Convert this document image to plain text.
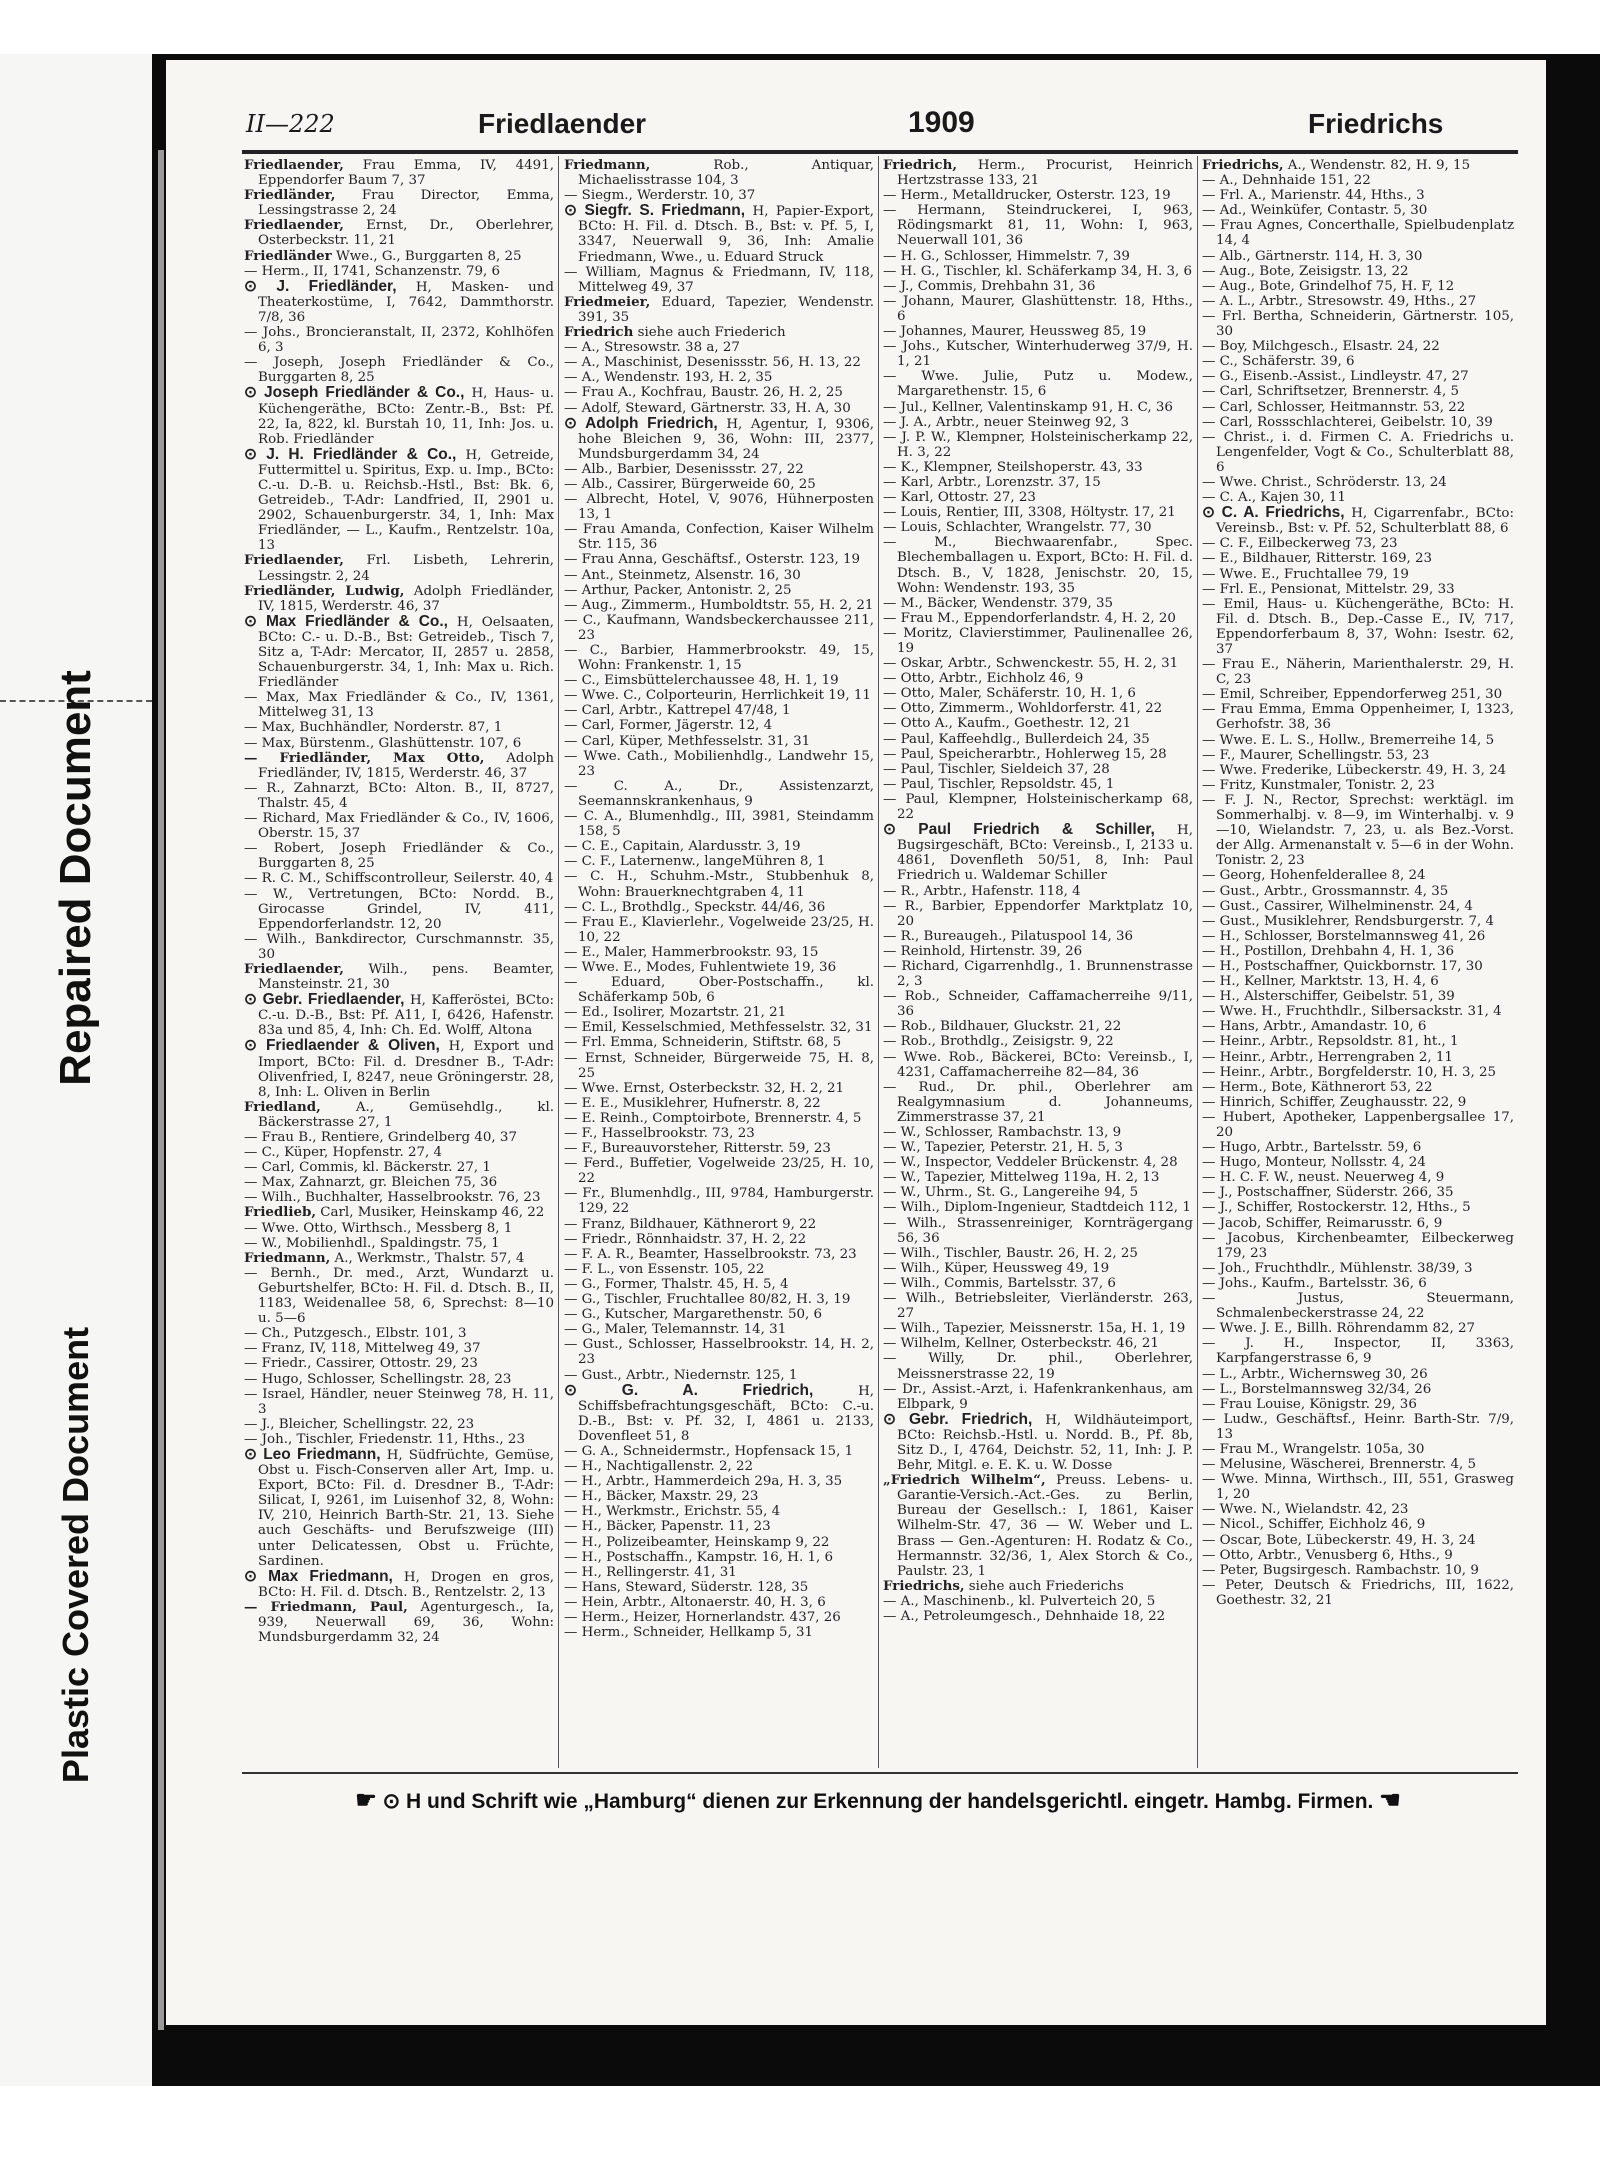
Repaired Document
Plastic Covered Document
II—222	Friedlaender	1909	Friedrichs

Friedlaender, Frau Emma, IV, 4491, Eppendorfer Baum 7, 37

Friedländer, Frau Director, Emma, Lessingstrasse 2, 24

Friedlaender, Ernst, Dr., Oberlehrer, Osterbeckstr. 11, 21

Friedländer Wwe., G., Burggarten 8, 25

— Herm., II, 1741, Schanzenstr. 79, 6

⊙ J. Friedländer, H, Masken- und Theaterkostüme, I, 7642, Dammthorstr. 7/8, 36

— Johs., Broncieranstalt, II, 2372, Kohlhöfen 6, 3

— Joseph, Joseph Friedländer & Co., Burggarten 8, 25

⊙ Joseph Friedländer & Co., H, Haus- u. Küchengeräthe, BCto: Zentr.-B., Bst: Pf. 22, Ia, 822, kl. Burstah 10, 11, Inh: Jos. u. Rob. Friedländer

⊙ J. H. Friedländer & Co., H, Getreide, Futtermittel u. Spiritus, Exp. u. Imp., BCto: C.-u. D.-B. u. Reichsb.-Hstl., Bst: Bk. 6, Getreideb., T-Adr: Landfried, II, 2901 u. 2902, Schauenburgerstr. 34, 1, Inh: Max Friedländer, — L., Kaufm., Rentzelstr. 10a, 13

Friedlaender, Frl. Lisbeth, Lehrerin, Lessingstr. 2, 24

Friedländer, Ludwig, Adolph Friedländer, IV, 1815, Werderstr. 46, 37

⊙ Max Friedländer & Co., H, Oelsaaten, BCto: C.- u. D.-B., Bst: Getreideb., Tisch 7, Sitz a, T-Adr: Mercator, II, 2857 u. 2858, Schauenburgerstr. 34, 1, Inh: Max u. Rich. Friedländer

— Max, Max Friedländer & Co., IV, 1361, Mittelweg 31, 13

— Max, Buchhändler, Norderstr. 87, 1

— Max, Bürstenm., Glashüttenstr. 107, 6

— Friedländer, Max Otto, Adolph Friedländer, IV, 1815, Werderstr. 46, 37

— R., Zahnarzt, BCto: Alton. B., II, 8727, Thalstr. 45, 4

— Richard, Max Friedländer & Co., IV, 1606, Oberstr. 15, 37

— Robert, Joseph Friedländer & Co., Burggarten 8, 25

— R. C. M., Schiffscontrolleur, Seilerstr. 40, 4

— W., Vertretungen, BCto: Nordd. B., Girocasse Grindel, IV, 411, Eppendorferlandstr. 12, 20

— Wilh., Bankdirector, Curschmannstr. 35, 30

Friedlaender, Wilh., pens. Beamter, Mansteinstr. 21, 30

⊙ Gebr. Friedlaender, H, Kafferöstei, BCto: C.-u. D.-B., Bst: Pf. A11, I, 6426, Hafenstr. 83a und 85, 4, Inh: Ch. Ed. Wolff, Altona

⊙ Friedlaender & Oliven, H, Export und Import, BCto: Fil. d. Dresdner B., T-Adr: Olivenfried, I, 8247, neue Gröningerstr. 28, 8, Inh: L. Oliven in Berlin

Friedland,	A., Gemüsehdlg., kl. Bäckerstrasse 27, 1

— Frau B., Rentiere, Grindelberg 40, 37

— C., Küper, Hopfenstr. 27, 4

— Carl, Commis, kl. Bäckerstr. 27, 1

— Max, Zahnarzt, gr. Bleichen 75, 36

— Wilh., Buchhalter, Hasselbrookstr. 76, 23

Friedlieb, Carl, Musiker, Heinskamp 46, 22

— Wwe. Otto, Wirthsch., Messberg 8, 1

— W., Mobilienhdl., Spaldingstr. 75, 1

Friedmann, A., Werkmstr., Thalstr. 57, 4

— Bernh., Dr. med., Arzt, Wundarzt u. Geburtshelfer, BCto: H. Fil. d. Dtsch. B., II, 1183, Weidenallee 58, 6, Sprechst: 8—10 u. 5—6

— Ch., Putzgesch., Elbstr. 101, 3

— Franz, IV, 118, Mittelweg 49, 37

— Friedr., Cassirer, Ottostr. 29, 23

— Hugo, Schlosser, Schellingstr. 28, 23

— Israel, Händler, neuer Steinweg 78, H. 11, 3

— J., Bleicher, Schellingstr. 22, 23

— Joh., Tischler, Friedenstr. 11, Hths., 23

⊙ Leo Friedmann, H, Südfrüchte, Gemüse, Obst u. Fisch-Conserven aller Art, Imp. u. Export, BCto: Fil. d. Dresdner B., T-Adr: Silicat, I, 9261, im Luisenhof 32, 8, Wohn: IV, 210, Heinrich Barth-Str. 21, 13. Siehe auch Geschäfts- und Berufszweige (III) unter Delicatessen, Obst u. Früchte, Sardinen.

⊙ Max Friedmann, H, Drogen en gros, BCto: H. Fil. d. Dtsch. B., Rentzelstr. 2, 13

— Friedmann, Paul, Agenturgesch., Ia, 939, Neuerwall 69, 36, Wohn: Mundsburgerdamm 32, 24

Friedmann,	Rob., Antiquar, Michaelisstrasse 104, 3

— Siegm., Werderstr. 10, 37

⊙ Siegfr. S. Friedmann, H, Papier-Export, BCto: H. Fil. d. Dtsch. B., Bst: v. Pf. 5, I, 3347, Neuerwall 9, 36, Inh: Amalie Friedmann, Wwe., u. Eduard Struck

— William, Magnus & Friedmann, IV, 118, Mittelweg 49, 37

Friedmeier, Eduard, Tapezier, Wendenstr. 391, 35

Friedrich siehe auch Friederich

— A., Stresowstr. 38 a, 27

— A., Maschinist, Desenissstr. 56, H. 13, 22

— A., Wendenstr. 193, H. 2, 35

— Frau A., Kochfrau, Baustr. 26, H. 2, 25

— Adolf, Steward, Gärtnerstr. 33, H. A, 30

⊙ Adolph Friedrich, H, Agentur, I, 9306, hohe Bleichen 9, 36, Wohn: III, 2377, Mundsburgerdamm 34, 24

— Alb., Barbier, Desenissstr. 27, 22

— Alb., Cassirer, Bürgerweide 60, 25

— Albrecht, Hotel, V, 9076, Hühnerposten 13, 1

— Frau Amanda, Confection, Kaiser Wilhelm Str. 115, 36

— Frau Anna, Geschäftsf., Osterstr. 123, 19

— Ant., Steinmetz, Alsenstr. 16, 30

— Arthur, Packer, Antonistr. 2, 25

— Aug., Zimmerm., Humboldtstr. 55, H. 2, 21

— C., Kaufmann, Wandsbeckerchaussee 211, 23

— C., Barbier, Hammerbrookstr. 49, 15, Wohn: Frankenstr. 1, 15

— C., Eimsbüttelerchaussee 48, H. 1, 19

— Wwe. C., Colporteurin, Herrlichkeit 19, 11

— Carl, Arbtr., Kattrepel 47/48, 1

— Carl, Former, Jägerstr. 12, 4

— Carl, Küper, Methfesselstr. 31, 31

— Wwe. Cath., Mobilienhdlg., Landwehr 15, 23

— C. A., Dr., Assistenzarzt, Seemannskrankenhaus, 9

— C. A., Blumenhdlg., III, 3981, Steindamm 158, 5

— C. E., Capitain, Alardusstr. 3, 19

— C. F., Laternenw., langeMühren 8, 1

— C. H., Schuhm.-Mstr., Stubbenhuk 8, Wohn: Brauerknechtgraben 4, 11

— C. L., Brothdlg., Speckstr. 44/46, 36

— Frau E., Klavierlehr., Vogelweide 23/25, H. 10, 22

— E., Maler, Hammerbrookstr. 93, 15

— Wwe. E., Modes, Fuhlentwiete 19, 36

— Eduard, Ober-Postschaffn., kl. Schäferkamp 50b, 6

— Ed., Isolirer, Mozartstr. 21, 21

— Emil, Kesselschmied, Methfesselstr. 32, 31

— Frl. Emma, Schneiderin, Stiftstr. 68, 5

— Ernst, Schneider, Bürgerweide 75, H. 8, 25

— Wwe. Ernst, Osterbeckstr. 32, H. 2, 21

— E. E., Musiklehrer, Hufnerstr. 8, 22

— E. Reinh., Comptoirbote, Brennerstr. 4, 5

— F., Hasselbrookstr. 73, 23

— F., Bureauvorsteher, Ritterstr. 59, 23

— Ferd., Buffetier, Vogelweide 23/25, H. 10, 22

— Fr., Blumenhdlg., III, 9784, Hamburgerstr. 129, 22

— Franz, Bildhauer, Käthnerort 9, 22

— Friedr., Rönnhaidstr. 37, H. 2, 22

— F. A. R., Beamter, Hasselbrookstr. 73, 23

— F. L., von Essenstr. 105, 22

— G., Former, Thalstr. 45, H. 5, 4

— G., Tischler, Fruchtallee 80/82, H. 3, 19

— G., Kutscher, Margarethenstr. 50, 6

— G., Maler, Telemannstr. 14, 31

— Gust., Schlosser, Hasselbrookstr. 14, H. 2, 23

— Gust., Arbtr., Niedernstr. 125, 1

⊙ G. A. Friedrich,	H, Schiffsbefrachtungsgeschäft, BCto: C.-u. D.-B., Bst: v. Pf. 32, I, 4861 u. 2133, Dovenfleet 51, 8

— G. A., Schneidermstr., Hopfensack 15, 1

— H., Nachtigallenstr. 2, 22

— H., Arbtr., Hammerdeich 29a, H. 3, 35

— H., Bäcker, Maxstr. 29, 23

— H., Werkmstr., Erichstr. 55, 4

— H., Bäcker, Papenstr. 11, 23

— H., Polizeibeamter, Heinskamp 9, 22

— H., Postschaffn., Kampstr. 16, H. 1, 6

— H., Rellingerstr. 41, 31

— Hans, Steward, Süderstr. 128, 35

— Hein, Arbtr., Altonaerstr. 40, H. 3, 6

— Herm., Heizer, Hornerlandstr. 437, 26

— Herm., Schneider, Hellkamp 5, 31

Friedrich, Herm., Procurist, Heinrich Hertzstrasse 133, 21

— Herm., Metalldrucker, Osterstr. 123, 19

— Hermann, Steindruckerei, I, 963, Rödingsmarkt 81, 11, Wohn: I, 963, Neuerwall 101, 36

— H. G., Schlosser, Himmelstr. 7, 39

— H. G., Tischler, kl. Schäferkamp 34, H. 3, 6

— J., Commis, Drehbahn 31, 36

— Johann, Maurer, Glashüttenstr. 18, Hths., 6

— Johannes, Maurer, Heussweg 85, 19

— Johs., Kutscher, Winterhuderweg 37/9, H. 1, 21

— Wwe. Julie, Putz u. Modew., Margarethenstr. 15, 6

— Jul., Kellner, Valentinskamp 91, H. C, 36

— J. A., Arbtr., neuer Steinweg 92, 3

— J. P. W., Klempner, Holsteinischerkamp 22, H. 3, 22

— K., Klempner, Steilshoperstr. 43, 33

— Karl, Arbtr., Lorenzstr. 37, 15

— Karl, Ottostr. 27, 23

— Louis, Rentier, III, 3308, Höltystr. 17, 21

— Louis, Schlachter, Wrangelstr. 77, 30

— M., Biechwaarenfabr., Spec. Blechemballagen u. Export, BCto: H. Fil. d. Dtsch. B., V, 1828, Jenischstr. 20, 15, Wohn: Wendenstr. 193, 35

— M., Bäcker, Wendenstr. 379, 35

— Frau M., Eppendorferlandstr. 4, H. 2, 20

— Moritz, Clavierstimmer, Paulinenallee 26, 19

— Oskar, Arbtr., Schwenckestr. 55, H. 2, 31

— Otto, Arbtr., Eichholz 46, 9

— Otto, Maler, Schäferstr. 10, H. 1, 6

— Otto, Zimmerm., Wohldorferstr. 41, 22

— Otto A., Kaufm., Goethestr. 12, 21

— Paul, Kaffeehdlg., Bullerdeich 24, 35

— Paul, Speicherarbtr., Hohlerweg 15, 28

— Paul, Tischler, Sieldeich 37, 28

— Paul, Tischler, Repsoldstr. 45, 1

— Paul, Klempner, Holsteinischerkamp 68, 22

⊙ Paul Friedrich & Schiller, H, Bugsirgeschäft, BCto: Vereinsb., I, 2133 u. 4861, Dovenfleth 50/51, 8, Inh: Paul Friedrich u. Waldemar Schiller

— R., Arbtr., Hafenstr. 118, 4

— R., Barbier, Eppendorfer Marktplatz 10, 20

— R., Bureaugeh., Pilatuspool 14, 36

— Reinhold, Hirtenstr. 39, 26

— Richard, Cigarrenhdlg., 1. Brunnenstrasse 2, 3

— Rob., Schneider, Caffamacherreihe 9/11, 36

— Rob., Bildhauer, Gluckstr. 21, 22

— Rob., Brothdlg., Zeisigstr. 9, 22

— Wwe. Rob., Bäckerei, BCto: Vereinsb., I, 4231, Caffamacherreihe 82—84, 36

— Rud., Dr. phil., Oberlehrer am Realgymnasium d. Johanneums, Zimmerstrasse 37, 21

— W., Schlosser, Rambachstr. 13, 9

— W., Tapezier, Peterstr. 21, H. 5, 3

— W., Inspector, Veddeler Brückenstr. 4, 28

— W., Tapezier, Mittelweg 119a, H. 2, 13

— W., Uhrm., St. G., Langereihe 94, 5

— Wilh., Diplom-Ingenieur, Stadtdeich 112, 1

— Wilh., Strassenreiniger, Kornträgergang 56, 36

— Wilh., Tischler, Baustr. 26, H. 2, 25

— Wilh., Küper, Heussweg 49, 19

— Wilh., Commis, Bartelsstr. 37, 6

— Wilh., Betriebsleiter, Vierländerstr. 263, 27

— Wilh., Tapezier, Meissnerstr. 15a, H. 1, 19

— Wilhelm, Kellner, Osterbeckstr. 46, 21

— Willy, Dr. phil., Oberlehrer, Meissnerstrasse 22, 19

— Dr., Assist.-Arzt, i. Hafenkrankenhaus, am Elbpark, 9

⊙ Gebr. Friedrich, H, Wildhäuteimport, BCto: Reichsb.-Hstl. u. Nordd. B., Pf. 8b, Sitz D., I, 4764, Deichstr. 52, 11, Inh: J. P. Behr, Mitgl. e. E. K. u. W. Dosse

„Friedrich Wilhelm“, Preuss. Lebens- u. Garantie-Versich.-Act.-Ges. zu Berlin, Bureau der Gesellsch.: I, 1861, Kaiser Wilhelm-Str. 47, 36 — W. Weber und L. Brass — Gen.-Agenturen: H. Rodatz & Co., Hermannstr. 32/36, 1, Alex Storch & Co., Paulstr. 23, 1

Friedrichs, siehe auch Friederichs

— A., Maschinenb., kl. Pulverteich 20, 5

— A., Petroleumgesch., Dehnhaide 18, 22

Friedrichs, A., Wendenstr. 82, H. 9, 15

— A., Dehnhaide 151, 22

— Frl. A., Marienstr. 44, Hths., 3

— Ad., Weinküfer, Contastr. 5, 30

— Frau Agnes, Concerthalle, Spielbudenplatz 14, 4

— Alb., Gärtnerstr. 114, H. 3, 30

— Aug., Bote, Zeisigstr. 13, 22

— Aug., Bote, Grindelhof 75, H. F, 12

— A. L., Arbtr., Stresowstr. 49, Hths., 27

— Frl. Bertha, Schneiderin, Gärtnerstr. 105, 30

— Boy, Milchgesch., Elsastr. 24, 22

— C., Schäferstr. 39, 6

— G., Eisenb.-Assist., Lindleystr. 47, 27

— Carl, Schriftsetzer, Brennerstr. 4, 5

— Carl, Schlosser, Heitmannstr. 53, 22

— Carl, Rossschlachterei, Geibelstr. 10, 39

— Christ., i. d. Firmen C. A. Friedrichs u. Lengenfelder, Vogt & Co., Schulterblatt 88, 6

— Wwe. Christ., Schröderstr. 13, 24

— C. A., Kajen 30, 11

⊙ C. A. Friedrichs, H, Cigarrenfabr., BCto: Vereinsb., Bst: v. Pf. 52, Schulterblatt 88, 6

— C. F., Eilbeckerweg 73, 23

— E., Bildhauer, Ritterstr. 169, 23

— Wwe. E., Fruchtallee 79, 19

— Frl. E., Pensionat, Mittelstr. 29, 33

— Emil, Haus- u. Küchengeräthe, BCto: H. Fil. d. Dtsch. B., Dep.-Casse E., IV, 717, Eppendorferbaum 8, 37, Wohn: Isestr. 62, 37

— Frau E., Näherin, Marienthalerstr. 29, H. C, 23

— Emil, Schreiber, Eppendorferweg 251, 30

— Frau Emma, Emma Oppenheimer, I, 1323, Gerhofstr. 38, 36

— Wwe. E. L. S., Hollw., Bremerreihe 14, 5

— F., Maurer, Schellingstr. 53, 23

— Wwe. Frederike, Lübeckerstr. 49, H. 3, 24

— Fritz, Kunstmaler, Tonistr. 2, 23

— F. J. N., Rector, Sprechst: werktägl. im Sommerhalbj. v. 8—9, im Winterhalbj. v. 9—10, Wielandstr. 7, 23, u. als Bez.-Vorst. der Allg. Armenanstalt v. 5—6 in der Wohn. Tonistr. 2, 23

— Georg, Hohenfelderallee 8, 24

— Gust., Arbtr., Grossmannstr. 4, 35

— Gust., Cassirer, Wilhelminenstr. 24, 4

— Gust., Musiklehrer, Rendsburgerstr. 7, 4

— H., Schlosser, Borstelmannsweg 41, 26

— H., Postillon, Drehbahn 4, H. 1, 36

— H., Postschaffner, Quickbornstr. 17, 30

— H., Kellner, Marktstr. 13, H. 4, 6

— H., Alsterschiffer, Geibelstr. 51, 39

— Wwe. H., Fruchthdlr., Silbersackstr. 31, 4

— Hans, Arbtr., Amandastr. 10, 6

— Heinr., Arbtr., Repsoldstr. 81, ht., 1

— Heinr., Arbtr., Herrengraben 2, 11

— Heinr., Arbtr., Borgfelderstr. 10, H. 3, 25

— Herm., Bote, Käthnerort 53, 22

— Hinrich, Schiffer, Zeughausstr. 22, 9

— Hubert, Apotheker, Lappenbergsallee 17, 20

— Hugo, Arbtr., Bartelsstr. 59, 6

— Hugo, Monteur, Nollsstr. 4, 24

— H. C. F. W., neust. Neuerweg 4, 9

— J., Postschaffner, Süderstr. 266, 35

— J., Schiffer, Rostockerstr. 12, Hths., 5

— Jacob, Schiffer, Reimarusstr. 6, 9

— Jacobus, Kirchenbeamter, Eilbeckerweg 179, 23

— Joh., Fruchthdlr., Mühlenstr. 38/39, 3

— Johs., Kaufm., Bartelsstr. 36, 6

— Justus, Steuermann, Schmalenbeckerstrasse 24, 22

— Wwe. J. E., Billh. Röhrendamm 82, 27

— J. H., Inspector, II, 3363, Karpfangerstrasse 6, 9

— L., Arbtr., Wichernsweg 30, 26

— L., Borstelmannsweg 32/34, 26

— Frau Louise, Königstr. 29, 36

— Ludw., Geschäftsf., Heinr. Barth-Str. 7/9, 13

— Frau M., Wrangelstr. 105a, 30

— Melusine, Wäscherei, Brennerstr. 4, 5

— Wwe. Minna, Wirthsch., III, 551, Grasweg 1, 20

— Wwe. N., Wielandstr. 42, 23

— Nicol., Schiffer, Eichholz 46, 9

— Oscar, Bote, Lübeckerstr. 49, H. 3, 24

— Otto, Arbtr., Venusberg 6, Hths., 9

— Peter, Bugsirgesch. Rambachstr. 10, 9

— Peter, Deutsch & Friedrichs, III, 1622, Goethestr. 32, 21

☛ ⊙ H und Schrift wie „Hamburg“ dienen zur Erkennung der handelsgerichtl. eingetr. Hambg. Firmen. ☚
